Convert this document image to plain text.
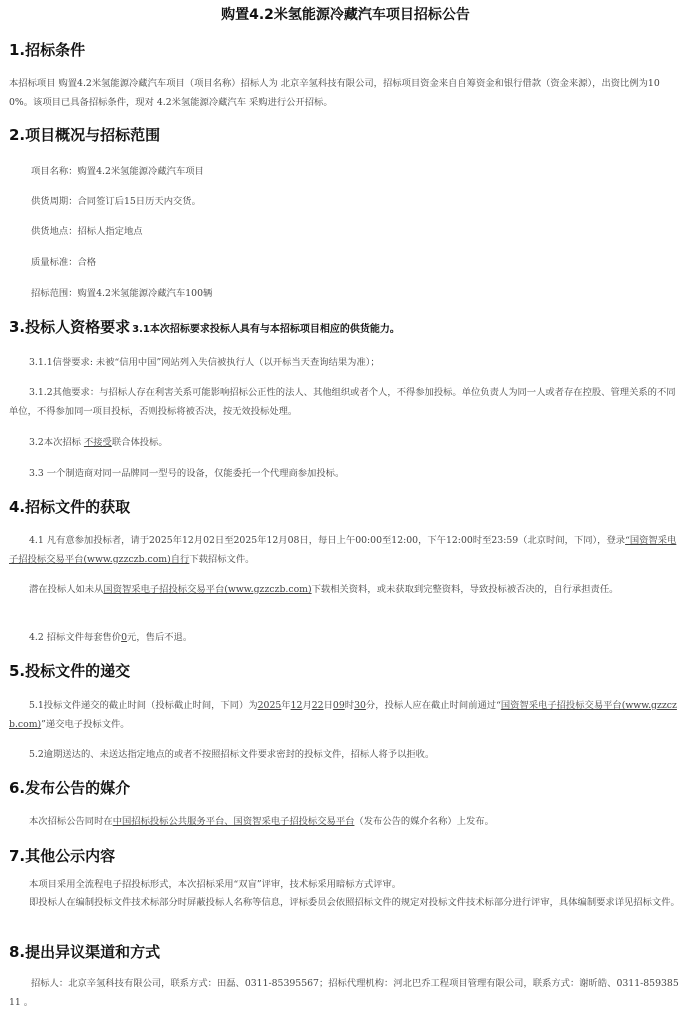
购置4.2米氢能源冷藏汽车项目招标公告
1.招标条件
本招标项目 购置4.2米氢能源冷藏汽车项目（项目名称）招标人为 北京辛氢科技有限公司，招标项目资金来自自筹资金和银行借款（资金来源），出资比例为100%。该项目已具备招标条件，现对 4.2米氢能源冷藏汽车 采购进行公开招标。
2.项目概况与招标范围
项目名称：购置4.2米氢能源冷藏汽车项目
供货周期：合同签订后15日历天内交货。
供货地点：招标人指定地点
质量标准：合格
招标范围：购置4.2米氢能源冷藏汽车100辆
3.投标人资格要求 3.1本次招标要求投标人具有与本招标项目相应的供货能力。
3.1.1信誉要求: 未被“信用中国”网站列入失信被执行人（以开标当天查询结果为准）；
3.1.2其他要求：与招标人存在利害关系可能影响招标公正性的法人、其他组织或者个人，不得参加投标。单位负责人为同一人或者存在控股、管理关系的不同单位，不得参加同一项目投标，否则投标将被否决，按无效投标处理。
3.2本次招标 不接受联合体投标。
3.3 一个制造商对同一品牌同一型号的设备，仅能委托一个代理商参加投标。
4.招标文件的获取
4.1 凡有意参加投标者，请于2025年12月02日至2025年12月08日，每日上午00:00至12:00，下午12:00时至23:59（北京时间，下同），登录“国资智采电子招投标交易平台(www.gzzczb.com)自行下载招标文件。
潜在投标人如未从国资智采电子招投标交易平台(www.gzzczb.com)下载相关资料，或未获取到完整资料，导致投标被否决的，自行承担责任。
4.2 招标文件每套售价0元，售后不退。
5.投标文件的递交
5.1投标文件递交的截止时间（投标截止时间，下同）为2025年12月22日09时30分，投标人应在截止时间前通过“国资智采电子招投标交易平台(www.gzzczb.com)”递交电子投标文件。
5.2逾期送达的、未送达指定地点的或者不按照招标文件要求密封的投标文件，招标人将予以拒收。
6.发布公告的媒介
本次招标公告同时在中国招标投标公共服务平台、国资智采电子招投标交易平台（发布公告的媒介名称）上发布。
7.其他公示内容
本项目采用全流程电子招投标形式，本次招标采用“双盲”评审，技术标采用暗标方式评审。
即投标人在编制投标文件技术标部分时屏蔽投标人名称等信息，评标委员会依照招标文件的规定对投标文件技术标部分进行评审，具体编制要求详见招标文件。
8.提出异议渠道和方式
招标人：北京辛氢科技有限公司，联系方式：田磊、0311-85395567；招标代理机构：河北巴乔工程项目管理有限公司，联系方式：谢昕皓、0311-85938511 。
